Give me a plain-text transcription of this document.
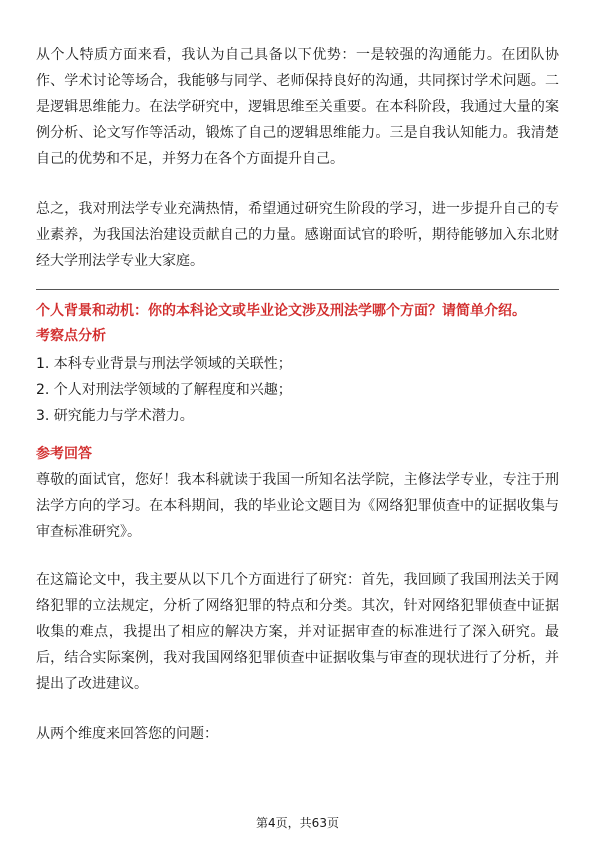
从个人特质方面来看，我认为自己具备以下优势：一是较强的沟通能力。在团队协作、学术讨论等场合，我能够与同学、老师保持良好的沟通，共同探讨学术问题。二是逻辑思维能力。在法学研究中，逻辑思维至关重要。在本科阶段，我通过大量的案例分析、论文写作等活动，锻炼了自己的逻辑思维能力。三是自我认知能力。我清楚自己的优势和不足，并努力在各个方面提升自己。

总之，我对刑法学专业充满热情，希望通过研究生阶段的学习，进一步提升自己的专业素养，为我国法治建设贡献自己的力量。感谢面试官的聆听，期待能够加入东北财经大学刑法学专业大家庭。

个人背景和动机：你的本科论文或毕业论文涉及刑法学哪个方面？请简单介绍。

考察点分析

1. 本科专业背景与刑法学领域的关联性；
2. 个人对刑法学领域的了解程度和兴趣；
3. 研究能力与学术潜力。

参考回答

尊敬的面试官，您好！我本科就读于我国一所知名法学院，主修法学专业，专注于刑法学方向的学习。在本科期间，我的毕业论文题目为《网络犯罪侦查中的证据收集与审查标准研究》。

在这篇论文中，我主要从以下几个方面进行了研究：首先，我回顾了我国刑法关于网络犯罪的立法规定，分析了网络犯罪的特点和分类。其次，针对网络犯罪侦查中证据收集的难点，我提出了相应的解决方案，并对证据审查的标准进行了深入研究。最后，结合实际案例，我对我国网络犯罪侦查中证据收集与审查的现状进行了分析，并提出了改进建议。

从两个维度来回答您的问题：

第4页，共63页
